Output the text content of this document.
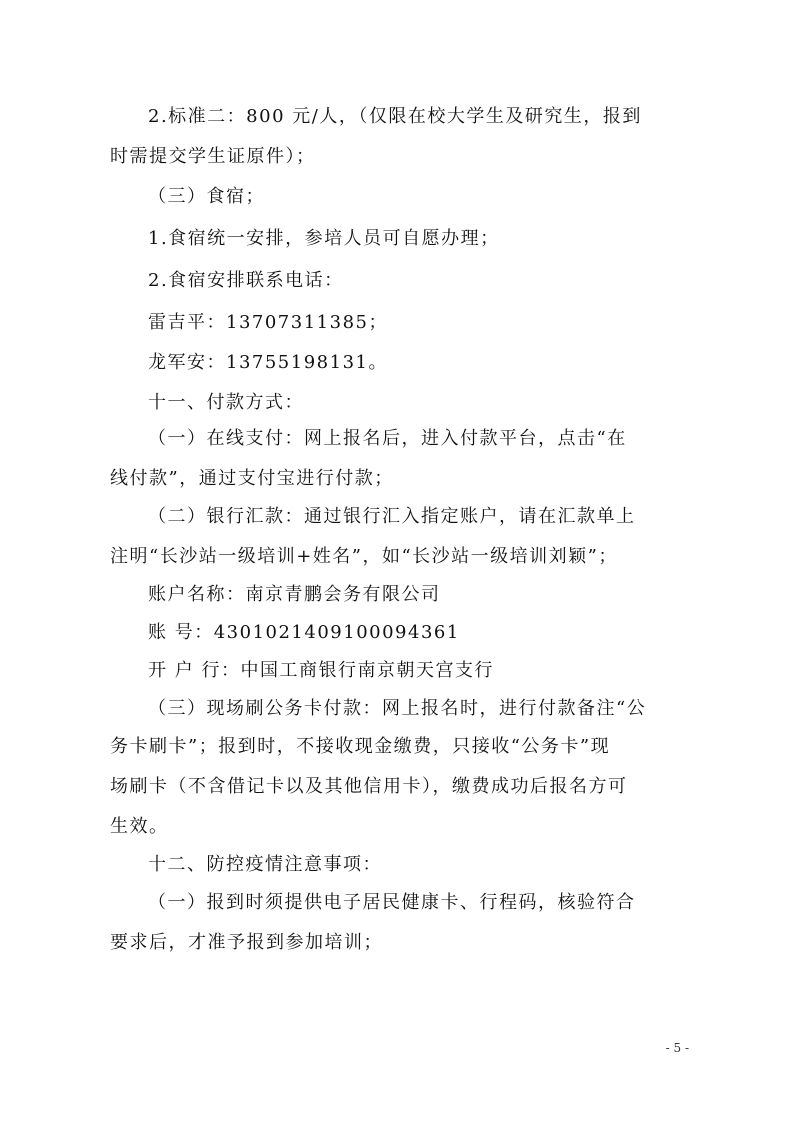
2.标准二：800 元/人，（仅限在校大学生及研究生，报到
时需提交学生证原件）；
（三）食宿；
1.食宿统一安排，参培人员可自愿办理；
2.食宿安排联系电话：
雷吉平：13707311385；
龙军安：13755198131。
十一、付款方式：
（一）在线支付：网上报名后，进入付款平台，点击“在
线付款”，通过支付宝进行付款；
（二）银行汇款：通过银行汇入指定账户，请在汇款单上
注明“长沙站一级培训+姓名”，如“长沙站一级培训刘颖”；
账户名称：南京青鹏会务有限公司
账 号：4301021409100094361
开 户 行：中国工商银行南京朝天宫支行
（三）现场刷公务卡付款：网上报名时，进行付款备注“公
务卡刷卡”；报到时，不接收现金缴费，只接收“公务卡”现
场刷卡（不含借记卡以及其他信用卡），缴费成功后报名方可
生效。
十二、防控疫情注意事项：
（一）报到时须提供电子居民健康卡、行程码，核验符合
要求后，才准予报到参加培训；
- 5 -
